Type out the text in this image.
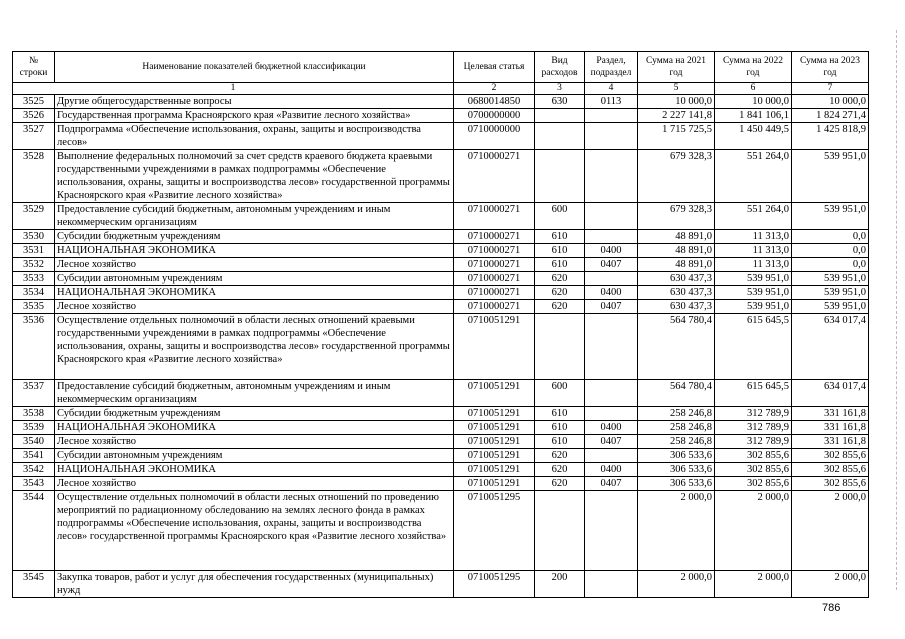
№ строки	Наименование показателей бюджетной классификации	Целевая статья	Вид расходов	Раздел, подраздел	Сумма на 2021 год	Сумма на 2022 год	Сумма на 2023 год
1		2	3	4	5	6	7
3525	Другие общегосударственные вопросы	0680014850	630	0113	10 000,0	10 000,0	10 000,0
3526	Государственная программа Красноярского края «Развитие лесного хозяйства»	0700000000			2 227 141,8	1 841 106,1	1 824 271,4
3527	Подпрограмма «Обеспечение использования, охраны, защиты и воспроизводства лесов»	0710000000			1 715 725,5	1 450 449,5	1 425 818,9
3528	Выполнение федеральных полномочий за счет средств краевого бюджета краевыми государственными учреждениями в рамках подпрограммы «Обеспечение использования, охраны, защиты и воспроизводства лесов» государственной программы Красноярского края «Развитие лесного хозяйства»	0710000271			679 328,3	551 264,0	539 951,0
3529	Предоставление субсидий бюджетным, автономным учреждениям и иным некоммерческим организациям	0710000271	600		679 328,3	551 264,0	539 951,0
3530	Субсидии бюджетным учреждениям	0710000271	610		48 891,0	11 313,0	0,0
3531	НАЦИОНАЛЬНАЯ ЭКОНОМИКА	0710000271	610	0400	48 891,0	11 313,0	0,0
3532	Лесное хозяйство	0710000271	610	0407	48 891,0	11 313,0	0,0
3533	Субсидии автономным учреждениям	0710000271	620		630 437,3	539 951,0	539 951,0
3534	НАЦИОНАЛЬНАЯ ЭКОНОМИКА	0710000271	620	0400	630 437,3	539 951,0	539 951,0
3535	Лесное хозяйство	0710000271	620	0407	630 437,3	539 951,0	539 951,0
3536	Осуществление отдельных полномочий в области лесных отношений краевыми государственными учреждениями в рамках подпрограммы «Обеспечение использования, охраны, защиты и воспроизводства лесов» государственной программы Красноярского края «Развитие лесного хозяйства»	0710051291			564 780,4	615 645,5	634 017,4
3537	Предоставление субсидий бюджетным, автономным учреждениям и иным некоммерческим организациям	0710051291	600		564 780,4	615 645,5	634 017,4
3538	Субсидии бюджетным учреждениям	0710051291	610		258 246,8	312 789,9	331 161,8
3539	НАЦИОНАЛЬНАЯ ЭКОНОМИКА	0710051291	610	0400	258 246,8	312 789,9	331 161,8
3540	Лесное хозяйство	0710051291	610	0407	258 246,8	312 789,9	331 161,8
3541	Субсидии автономным учреждениям	0710051291	620		306 533,6	302 855,6	302 855,6
3542	НАЦИОНАЛЬНАЯ ЭКОНОМИКА	0710051291	620	0400	306 533,6	302 855,6	302 855,6
3543	Лесное хозяйство	0710051291	620	0407	306 533,6	302 855,6	302 855,6
3544	Осуществление отдельных полномочий в области лесных отношений по проведению мероприятий по радиационному обследованию на землях лесного фонда в рамках подпрограммы «Обеспечение использования, охраны, защиты и воспроизводства лесов» государственной программы Красноярского края «Развитие лесного хозяйства»	0710051295			2 000,0	2 000,0	2 000,0
3545	Закупка товаров, работ и услуг для обеспечения государственных (муниципальных) нужд	0710051295	200		2 000,0	2 000,0	2 000,0
786
